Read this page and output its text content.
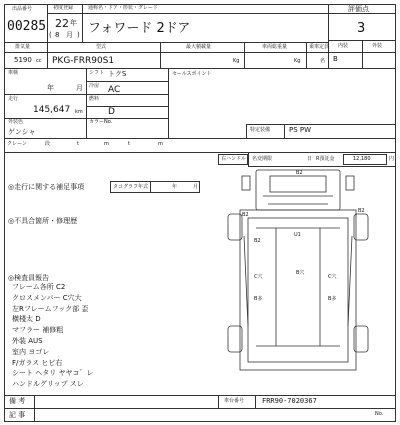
出品番号
00285
初度登録
22 年
( 8 月 )
通称名・ドア・形状・グレード
フォワード 2ドア
評価点
3
内装	外装
B
排気量
5190 cc
型式
PKG-FRR90S1
最大積載量
Kg
車両総重量
Kg
乗車定員
名
車検
年	月
シフト トクS
冷房 AC
走行
145,647 km
燃料
D
外装色
ゲンシャ
カラーNo.
クレーン	段	t	m	t	m
セールスポイント
特定装備	PS PW
右ハンドル 名変期限	日 R預託金	12,180	円
◎走行に関する補足事項	タコグラフ年式	年	月
◎不具合箇所・修理歴
◎検査員報告
フレーム各所 C2
クロスメンバー C穴大
左Rフレームフック部 歪
横棧太 D
マフラー 補修粗
外装 AUS
室内 ヨゴレ
F/ガラス ヒビ右
シート ヘタリ ヤヤコ゛レ
ハンドルグリップ スレ
B2
B2
B2
U1
B2
C穴
B穴
C穴
B多	B多
備 考
記 事
車台番号	FRR90-7020367
No.
